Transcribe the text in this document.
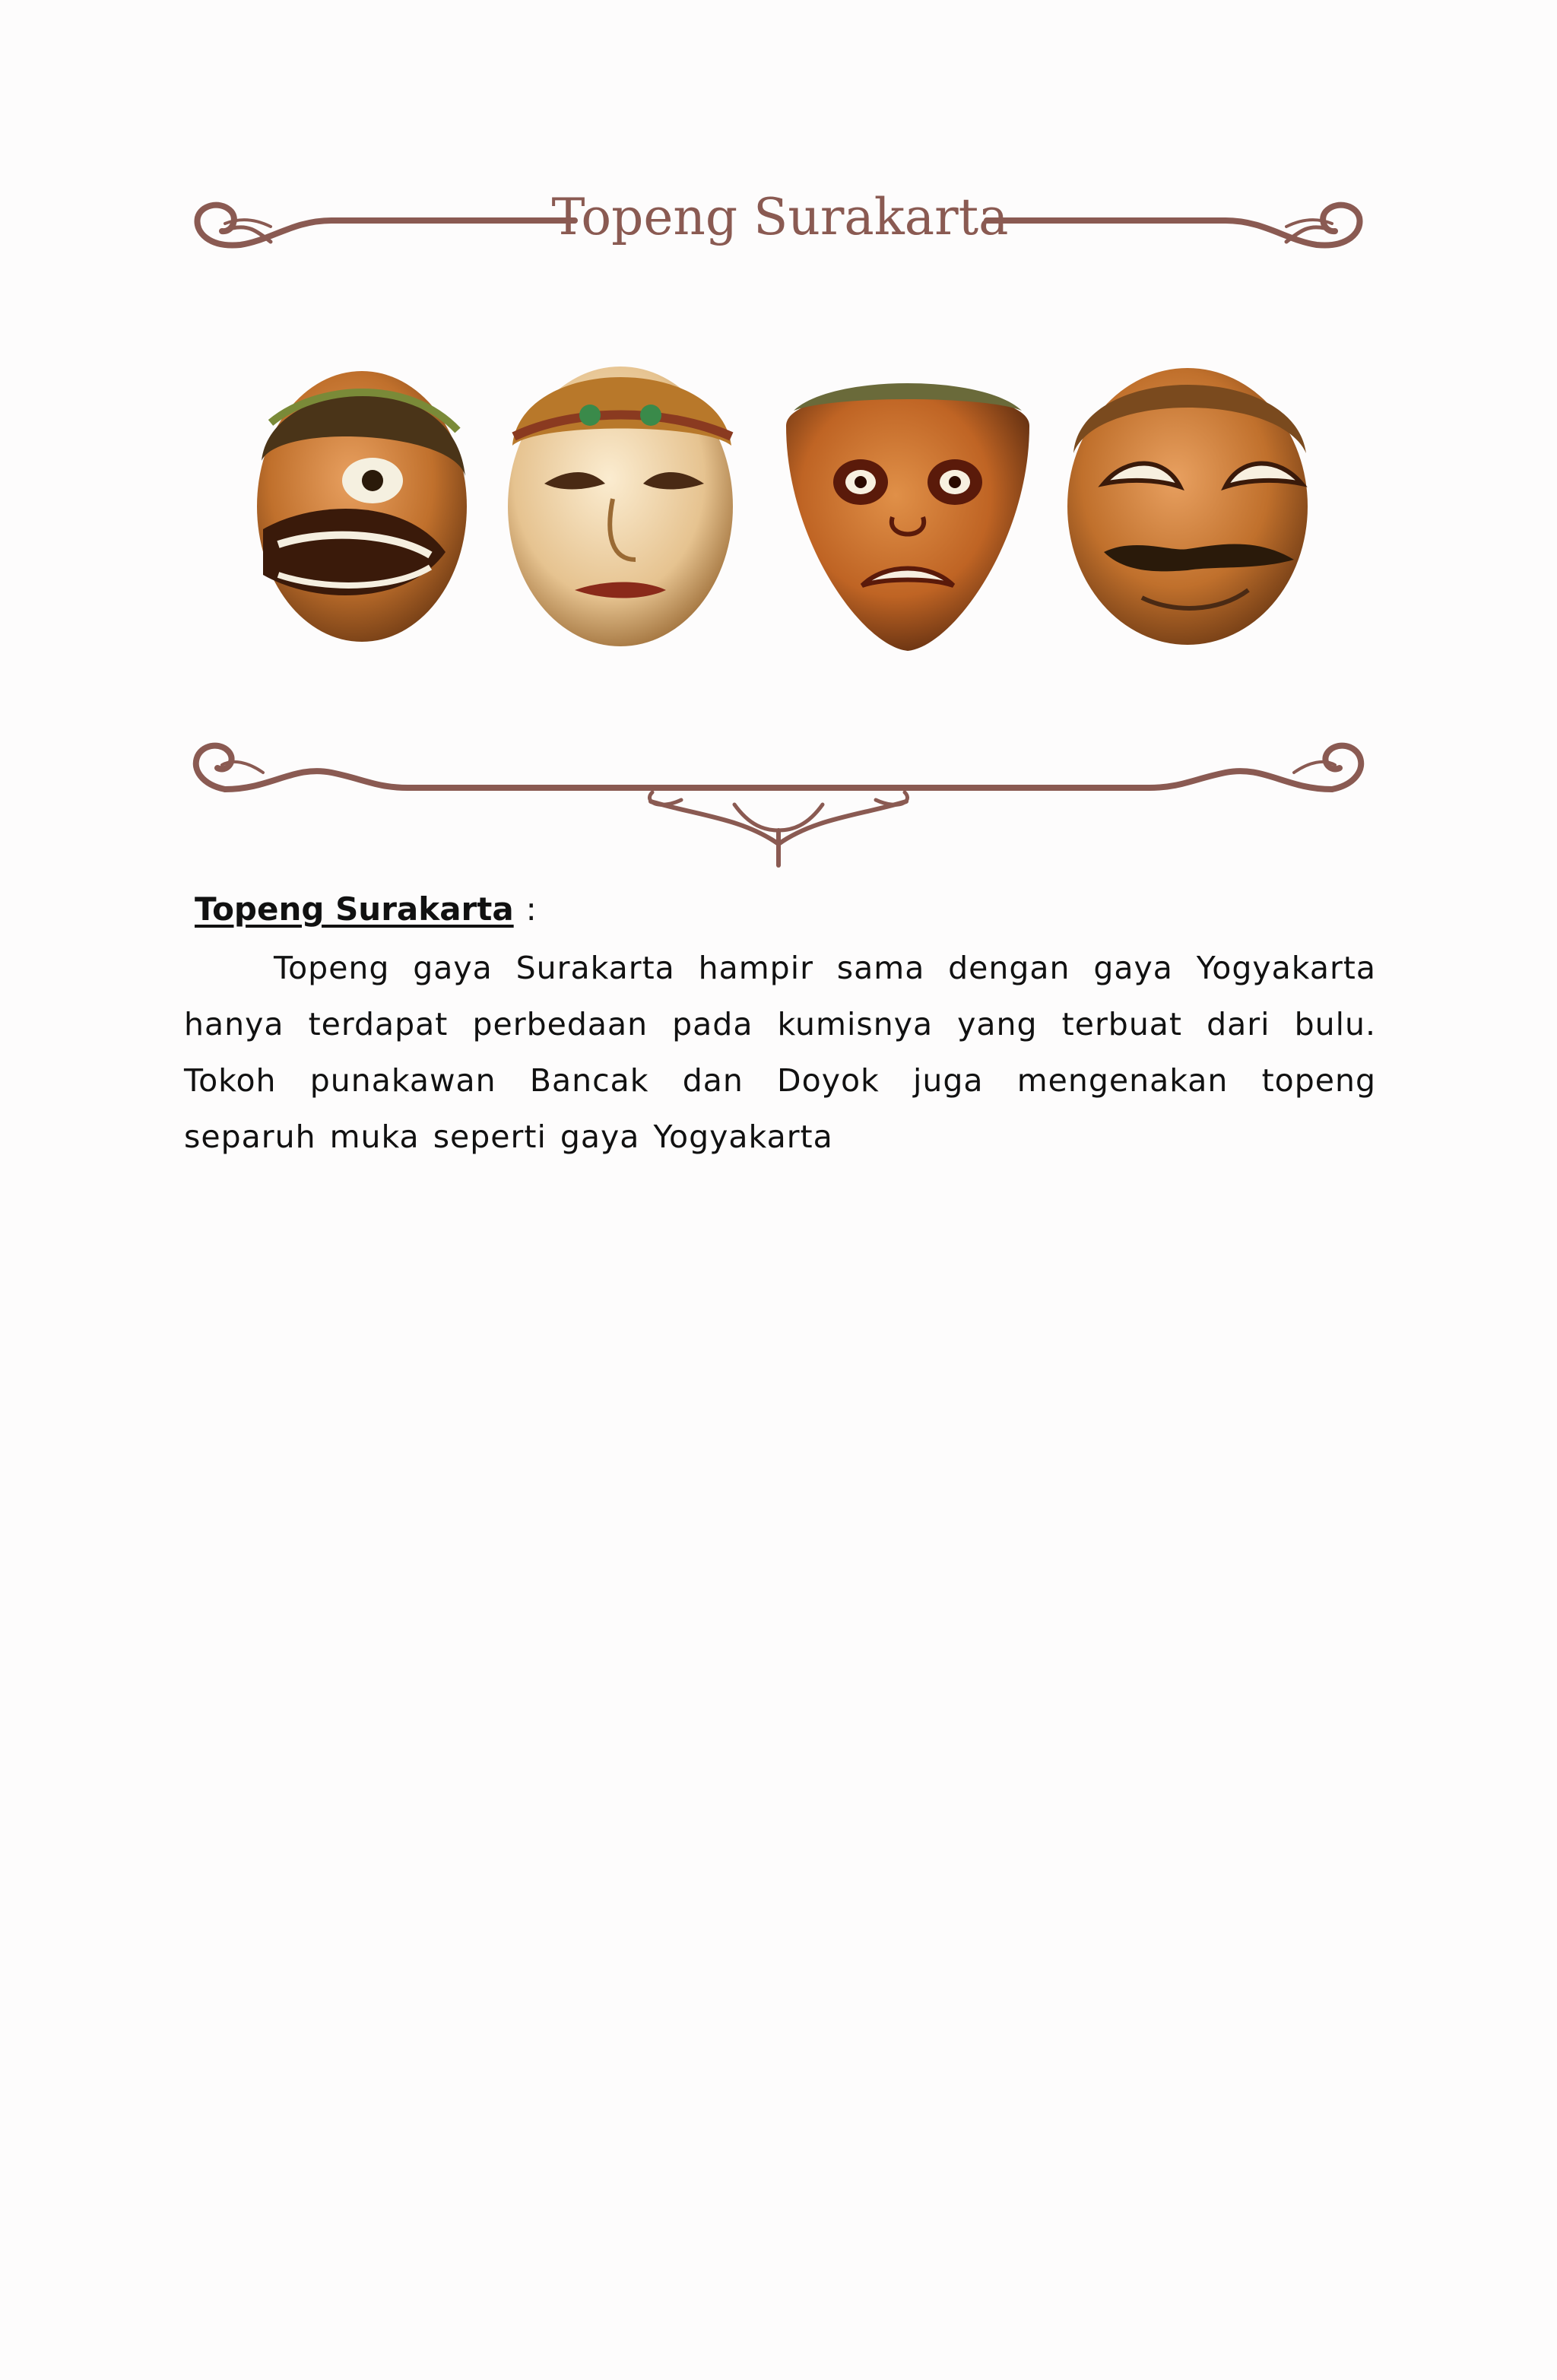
Topeng Surakarta
Topeng Surakarta :

Topeng gaya Surakarta hampir sama dengan gaya Yogyakarta hanya terdapat perbedaan pada kumisnya yang terbuat dari bulu. Tokoh punakawan Bancak dan Doyok juga mengenakan topeng separuh muka seperti gaya Yogyakarta
